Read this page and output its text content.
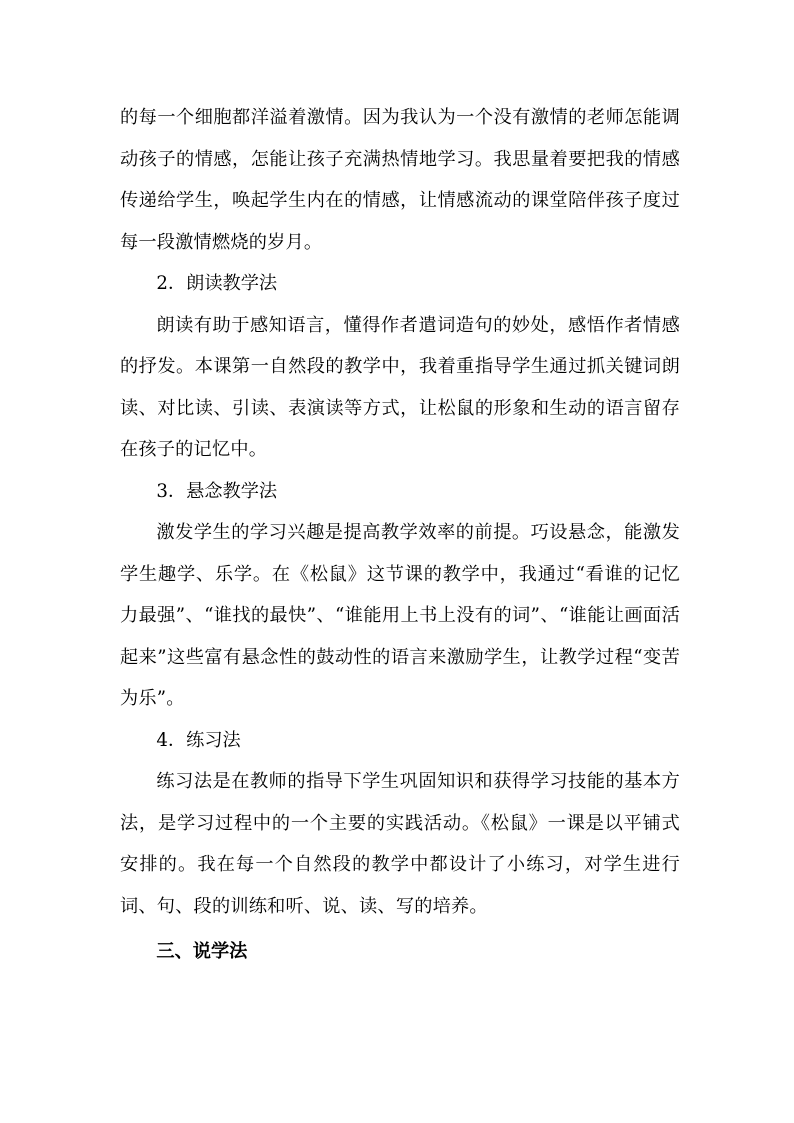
的每一个细胞都洋溢着激情。因为我认为一个没有激情的老师怎能调动孩子的情感，怎能让孩子充满热情地学习。我思量着要把我的情感传递给学生，唤起学生内在的情感，让情感流动的课堂陪伴孩子度过每一段激情燃烧的岁月。

2．朗读教学法

朗读有助于感知语言，懂得作者遣词造句的妙处，感悟作者情感的抒发。本课第一自然段的教学中，我着重指导学生通过抓关键词朗读、对比读、引读、表演读等方式，让松鼠的形象和生动的语言留存在孩子的记忆中。

3．悬念教学法

激发学生的学习兴趣是提高教学效率的前提。巧设悬念，能激发学生趣学、乐学。在《松鼠》这节课的教学中，我通过“看谁的记忆力最强”、“谁找的最快”、“谁能用上书上没有的词”、“谁能让画面活起来”这些富有悬念性的鼓动性的语言来激励学生，让教学过程“变苦为乐”。

4．练习法

练习法是在教师的指导下学生巩固知识和获得学习技能的基本方法，是学习过程中的一个主要的实践活动。《松鼠》一课是以平铺式安排的。我在每一个自然段的教学中都设计了小练习，对学生进行词、句、段的训练和听、说、读、写的培养。

三、说学法
